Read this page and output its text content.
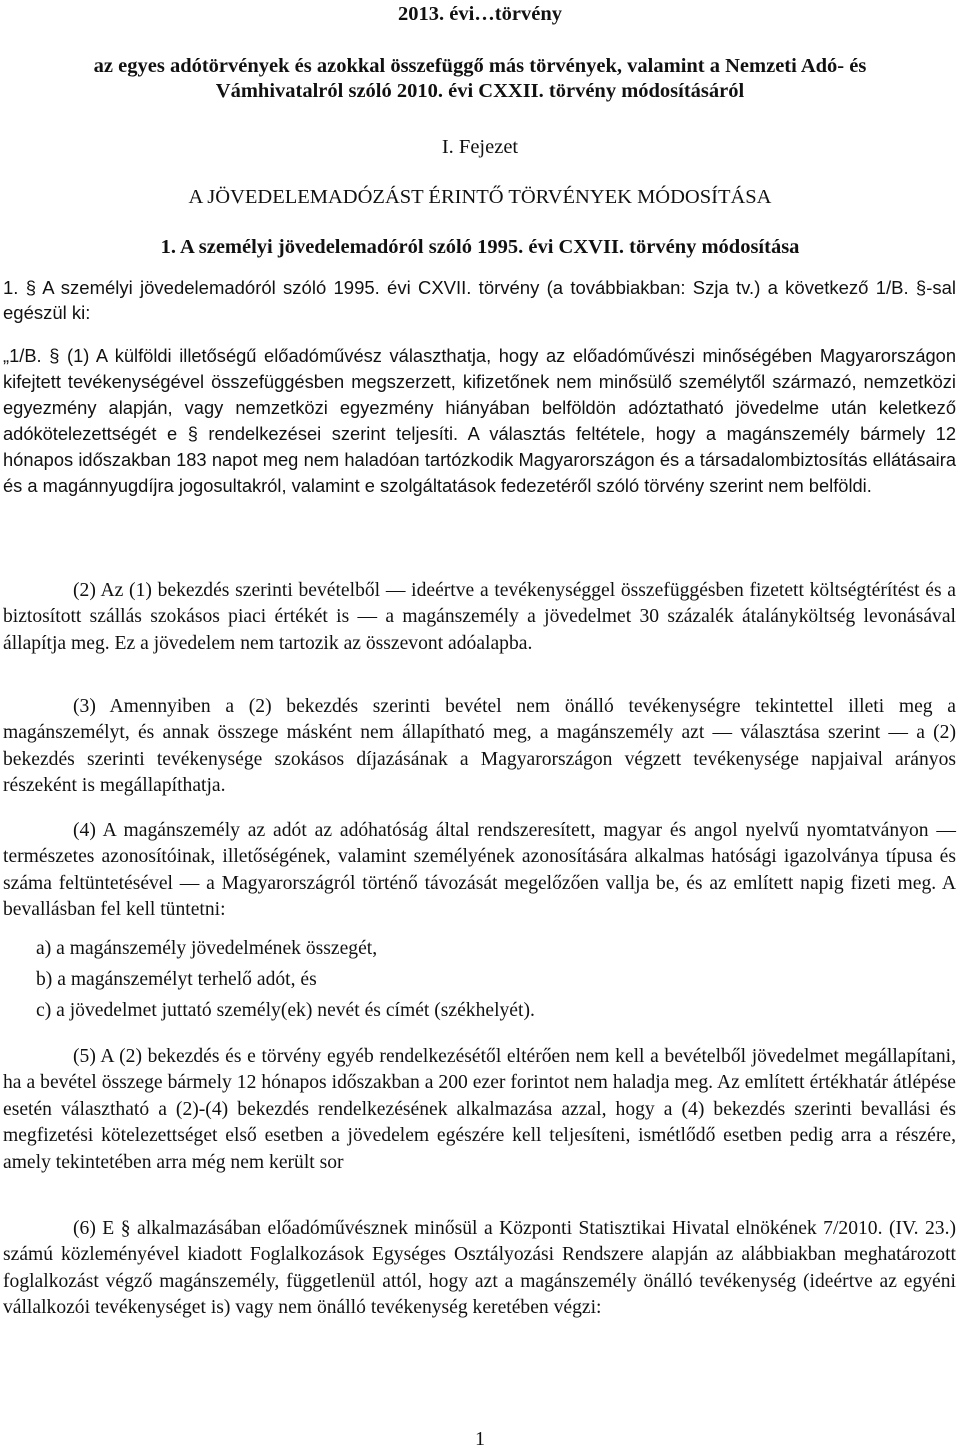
2013. évi…törvény
az egyes adótörvények és azokkal összefüggő más törvények, valamint a Nemzeti Adó- és
Vámhivatalról szóló 2010. évi CXXII. törvény módosításáról
I. Fejezet
A JÖVEDELEMADÓZÁST ÉRINTŐ TÖRVÉNYEK MÓDOSÍTÁSA
1. A személyi jövedelemadóról szóló 1995. évi CXVII. törvény módosítása
1. § A személyi jövedelemadóról szóló 1995. évi CXVII. törvény (a továbbiakban: Szja tv.) a következő 1/B. §-sal egészül ki:
„1/B. § (1) A külföldi illetőségű előadóművész választhatja, hogy az előadóművészi minőségében Magyarországon kifejtett tevékenységével összefüggésben megszerzett, kifizetőnek nem minősülő személytől származó, nemzetközi egyezmény alapján, vagy nemzetközi egyezmény hiányában belföldön adóztatható jövedelme után keletkező adókötelezettségét e § rendelkezései szerint teljesíti. A választás feltétele, hogy a magánszemély bármely 12 hónapos időszakban 183 napot meg nem haladóan tartózkodik Magyarországon és a társadalombiztosítás ellátásaira és a magánnyugdíjra jogosultakról, valamint e szolgáltatások fedezetéről szóló törvény szerint nem belföldi.
(2) Az (1) bekezdés szerinti bevételből ― ideértve a tevékenységgel összefüggésben fizetett költségtérítést és a biztosított szállás szokásos piaci értékét is ― a magánszemély a jövedelmet 30 százalék átalányköltség levonásával állapítja meg. Ez a jövedelem nem tartozik az összevont adóalapba.
(3) Amennyiben a (2) bekezdés szerinti bevétel nem önálló tevékenységre tekintettel illeti meg a magánszemélyt, és annak összege másként nem állapítható meg, a magánszemély azt ― választása szerint ― a (2) bekezdés szerinti tevékenysége szokásos díjazásának a Magyarországon végzett tevékenysége napjaival arányos részeként is megállapíthatja.
(4) A magánszemély az adót az adóhatóság által rendszeresített, magyar és angol nyelvű nyomtatványon ― természetes azonosítóinak, illetőségének, valamint személyének azonosítására alkalmas hatósági igazolványa típusa és száma feltüntetésével ― a Magyarországról történő távozását megelőzően vallja be, és az említett napig fizeti meg. A bevallásban fel kell tüntetni:
a) a magánszemély jövedelmének összegét,
b) a magánszemélyt terhelő adót, és
c) a jövedelmet juttató személy(ek) nevét és címét (székhelyét).
(5) A (2) bekezdés és e törvény egyéb rendelkezésétől eltérően nem kell a bevételből jövedelmet megállapítani, ha a bevétel összege bármely 12 hónapos időszakban a 200 ezer forintot nem haladja meg. Az említett értékhatár átlépése esetén választható a (2)-(4) bekezdés rendelkezésének alkalmazása azzal, hogy a (4) bekezdés szerinti bevallási és megfizetési kötelezettséget első esetben a jövedelem egészére kell teljesíteni, ismétlődő esetben pedig arra a részére, amely tekintetében arra még nem került sor
(6) E § alkalmazásában előadóművésznek minősül a Központi Statisztikai Hivatal elnökének 7/2010. (IV. 23.) számú közleményével kiadott Foglalkozások Egységes Osztályozási Rendszere alapján az alábbiakban meghatározott foglalkozást végző magánszemély, függetlenül attól, hogy azt a magánszemély önálló tevékenység (ideértve az egyéni vállalkozói tevékenységet is) vagy nem önálló tevékenység keretében végzi:
1
